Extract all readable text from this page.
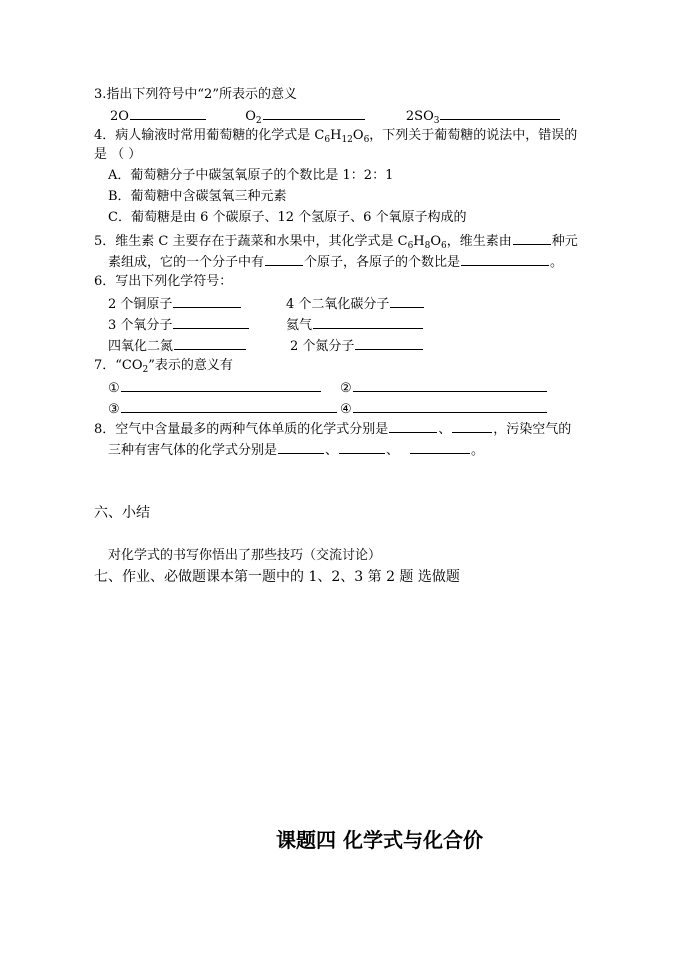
3.指出下列符号中“2”所表示的意义
2O	$O_2$	$2SO_3$
4．病人输液时常用葡萄糖的化学式是 $C_6H_{12}O_6$，下列关于葡萄糖的说法中，错误的
是 （ ）
A．葡萄糖分子中碳氢氧原子的个数比是 1：2：1
B．葡萄糖中含碳氢氧三种元素
C．葡萄糖是由 6 个碳原子、12 个氢原子、6 个氧原子构成的
5．维生素 C 主要存在于蔬菜和水果中，其化学式是 $C_6H_8O_6$，维生素由	种元
素组成，它的一个分子中有	个原子，各原子的个数比是	。
6．写出下列化学符号：
2 个铜原子	4 个二氧化碳分子
3 个氧分子	氦气
四氧化二氮	2 个氮分子
7．“$CO_2$”表示的意义有
①	②
③	④
8．空气中含量最多的两种气体单质的化学式分别是	、	，污染空气的
三种有害气体的化学式分别是	、	、	。
六、小结
对化学式的书写你悟出了那些技巧（交流讨论）
七、作业、必做题课本第一题中的 1、2、3 第 2 题 选做题
课题四 化学式与化合价
